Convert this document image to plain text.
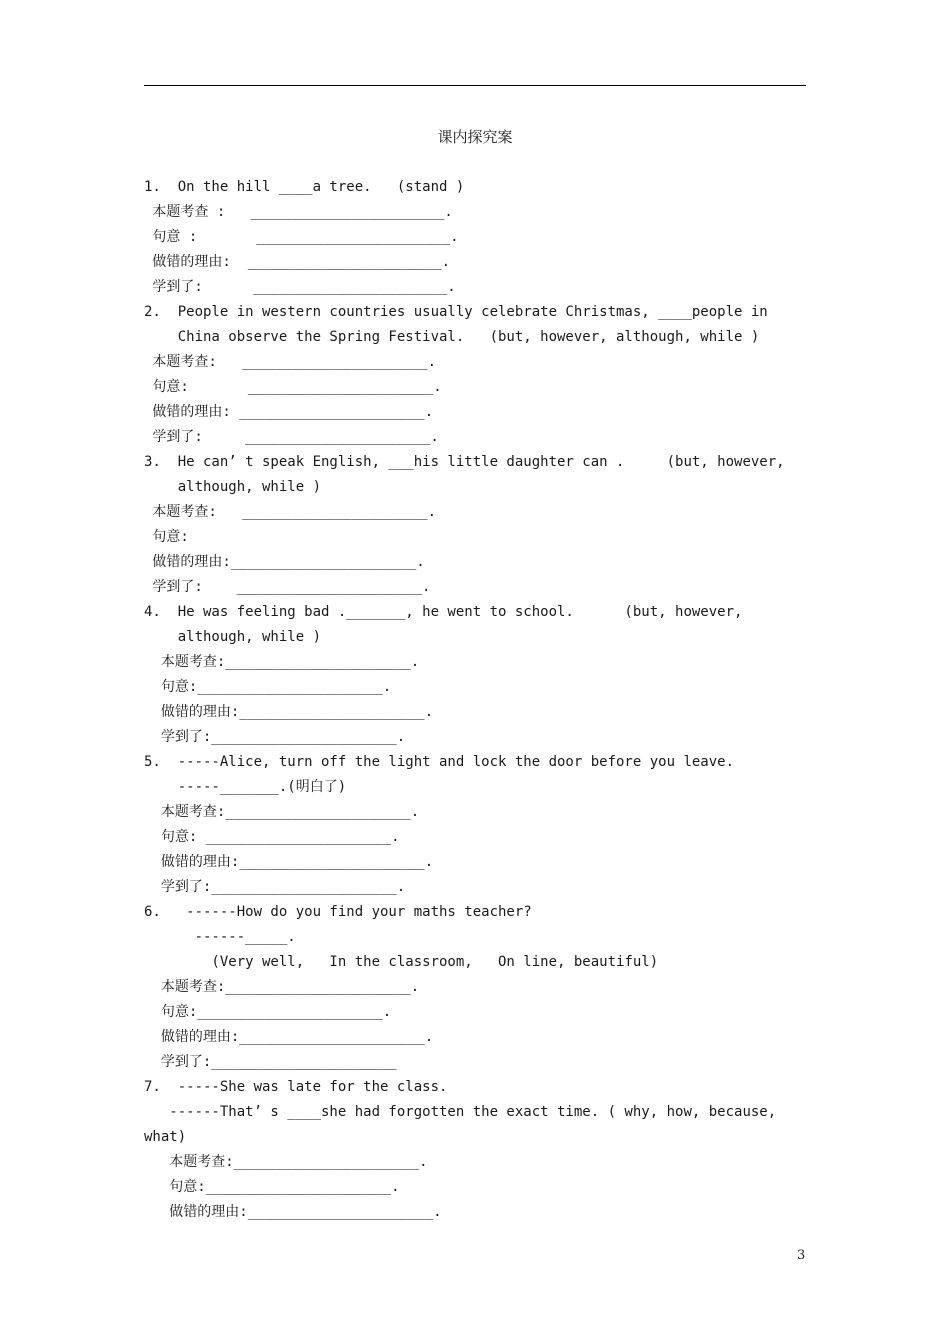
课内探究案
1.  On the hill ____a tree.   (stand )
本题考查 :   _______________________.
句意 :       _______________________.
做错的理由:  _______________________.
学到了:      _______________________.
2.  People in western countries usually celebrate Christmas, ____people in
China observe the Spring Festival.   (but, however, although, while )
本题考查:   ______________________.
句意:       ______________________.
做错的理由: ______________________.
学到了:     ______________________.
3.  He can’ t speak English, ___his little daughter can .     (but, however,
although, while )
本题考查:   ______________________.
句意:
做错的理由:______________________.
学到了:    ______________________.
4.  He was feeling bad ._______, he went to school.      (but, however,
although, while )
本题考查:______________________.
句意:______________________.
做错的理由:______________________.
学到了:______________________.
5.  -----Alice, turn off the light and lock the door before you leave.
-----_______.(明白了)
本题考查:______________________.
句意: ______________________.
做错的理由:______________________.
学到了:______________________.
6.   ------How do you find your maths teacher?
------_____.
(Very well,   In the classroom,   On line, beautiful)
本题考查:______________________.
句意:______________________.
做错的理由:______________________.
学到了:______________________
7.  -----She was late for the class.
------That’ s ____she had forgotten the exact time. ( why, how, because,
what)
本题考查:______________________.
句意:______________________.
做错的理由:______________________.
3
